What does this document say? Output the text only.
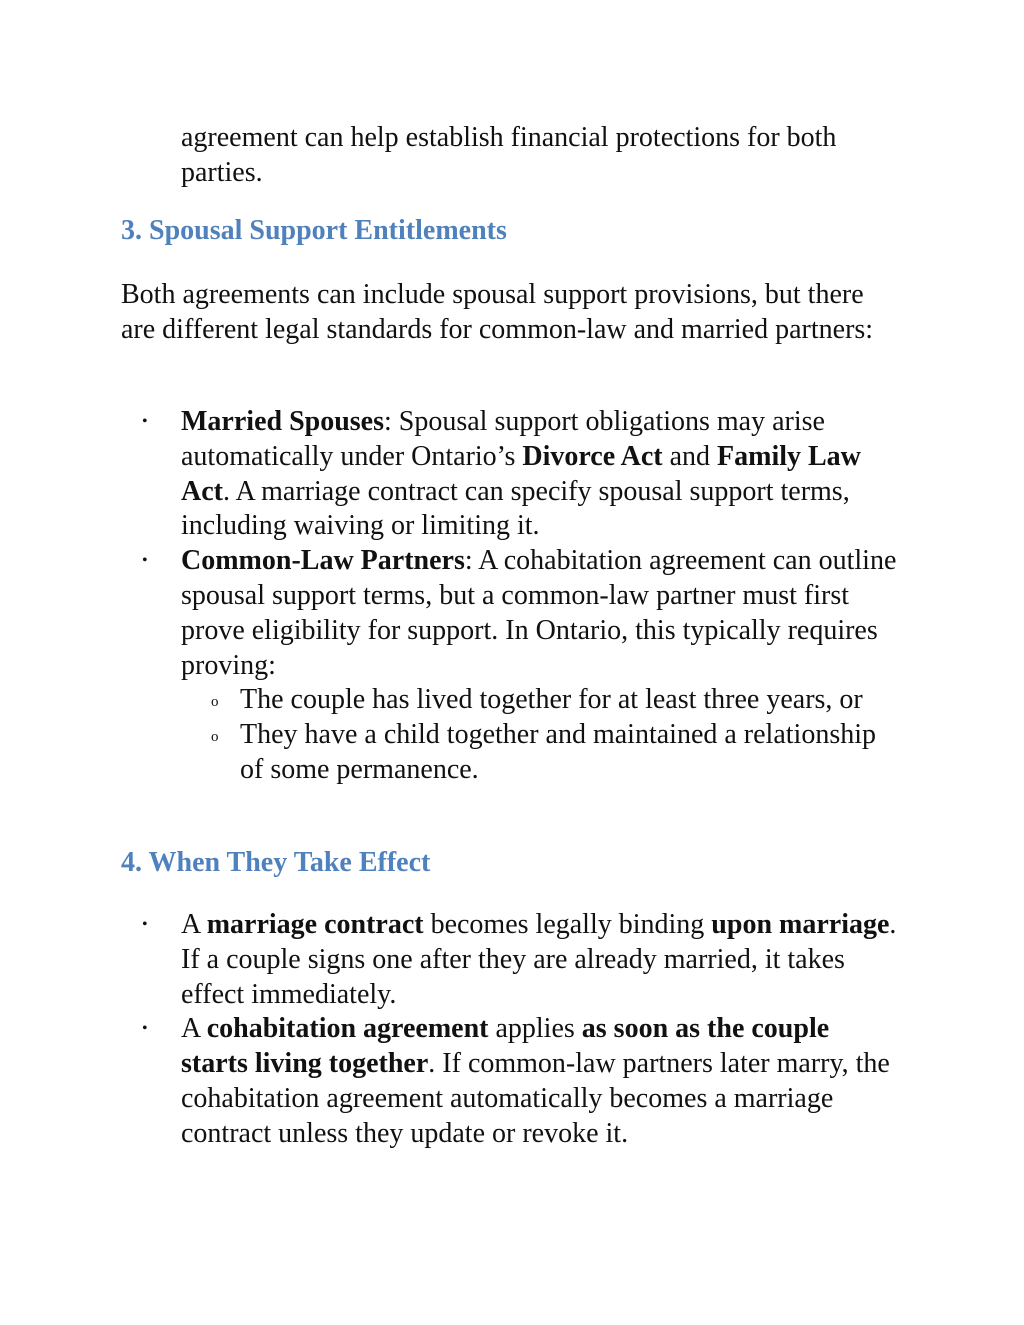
agreement can help establish financial protections for both parties.

3. Spousal Support Entitlements

Both agreements can include spousal support provisions, but there are different legal standards for common-law and married partners:

• Married Spouses: Spousal support obligations may arise automatically under Ontario’s Divorce Act and Family Law Act. A marriage contract can specify spousal support terms, including waiving or limiting it.
• Common-Law Partners: A cohabitation agreement can outline spousal support terms, but a common-law partner must first prove eligibility for support. In Ontario, this typically requires proving:
o The couple has lived together for at least three years, or
o They have a child together and maintained a relationship of some permanence.
4. When They Take Effect
• A marriage contract becomes legally binding upon marriage. If a couple signs one after they are already married, it takes effect immediately.
• A cohabitation agreement applies as soon as the couple starts living together. If common-law partners later marry, the cohabitation agreement automatically becomes a marriage contract unless they update or revoke it.
